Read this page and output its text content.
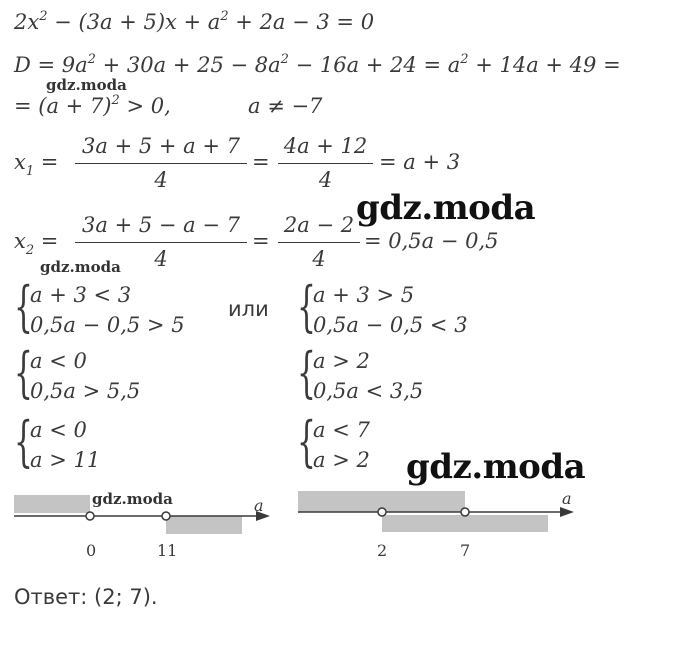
$2x^2 - (3a + 5)x + a^2 + 2a - 3 = 0$
$D = 9a^2 + 30a + 25 - 8a^2 - 16a + 24 = a^2 + 14a + 49$ =
= $(a + 7)^2 > 0$,	a ≠ −7
$x_1$ =
3a + 5 + a + 7
4
=
4a + 12
4
= a + 3
$x_2$ =
3a + 5 − a − 7
4
=
2a − 2
4
= 0,5a − 0,5
{
a + 3 < 3
0,5a − 0,5 > 5
или {
a + 3 > 5
0,5a − 0,5 < 3
{
a < 0
0,5a > 5,5	{
a > 2
0,5a < 3,5
{
a < 0
a > 11	{
a < 7
a > 2
a
0	11
a
2	7
Ответ: (2; 7).
gdz.moda
gdz.moda
gdz.moda
gdz.moda
gdz.moda
